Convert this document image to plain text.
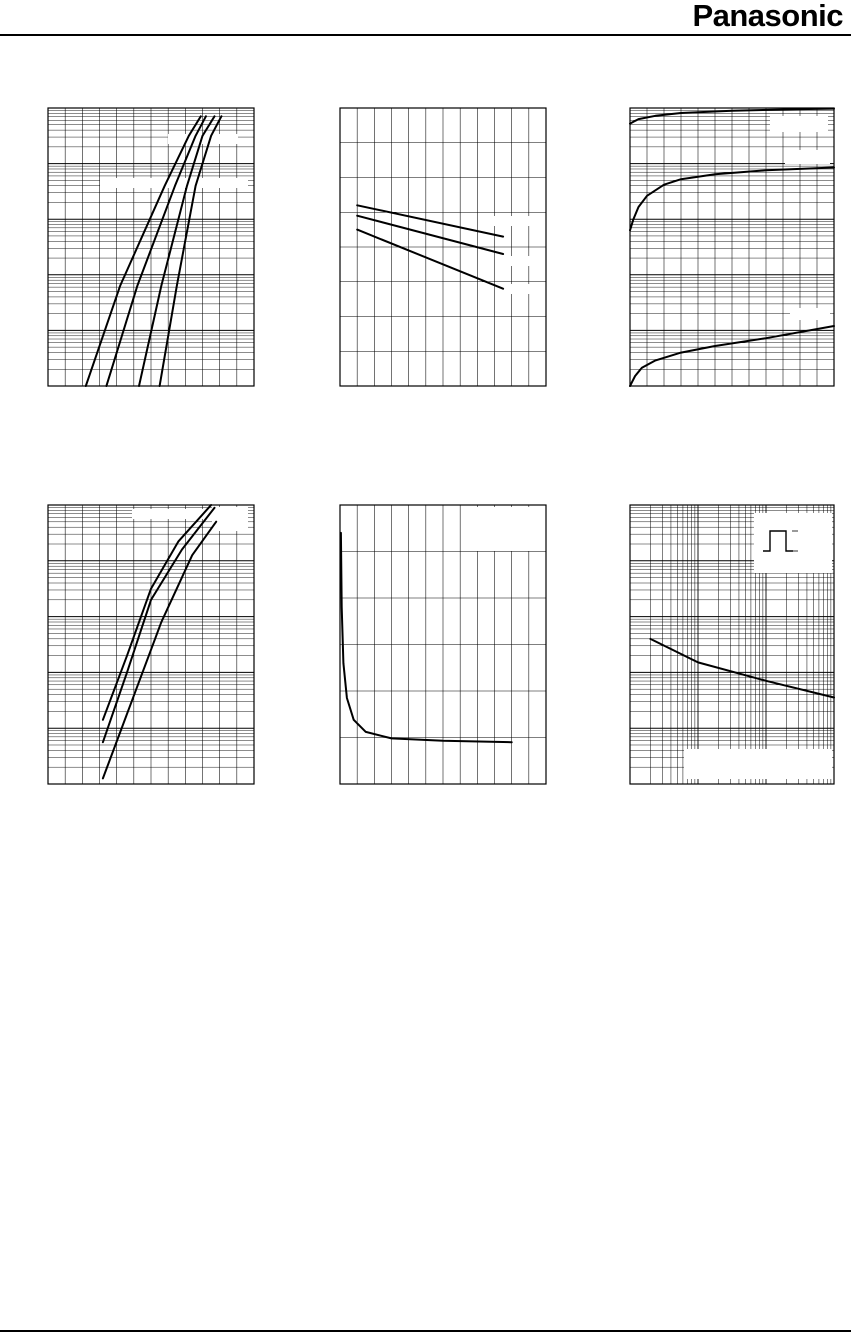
Panasonic
